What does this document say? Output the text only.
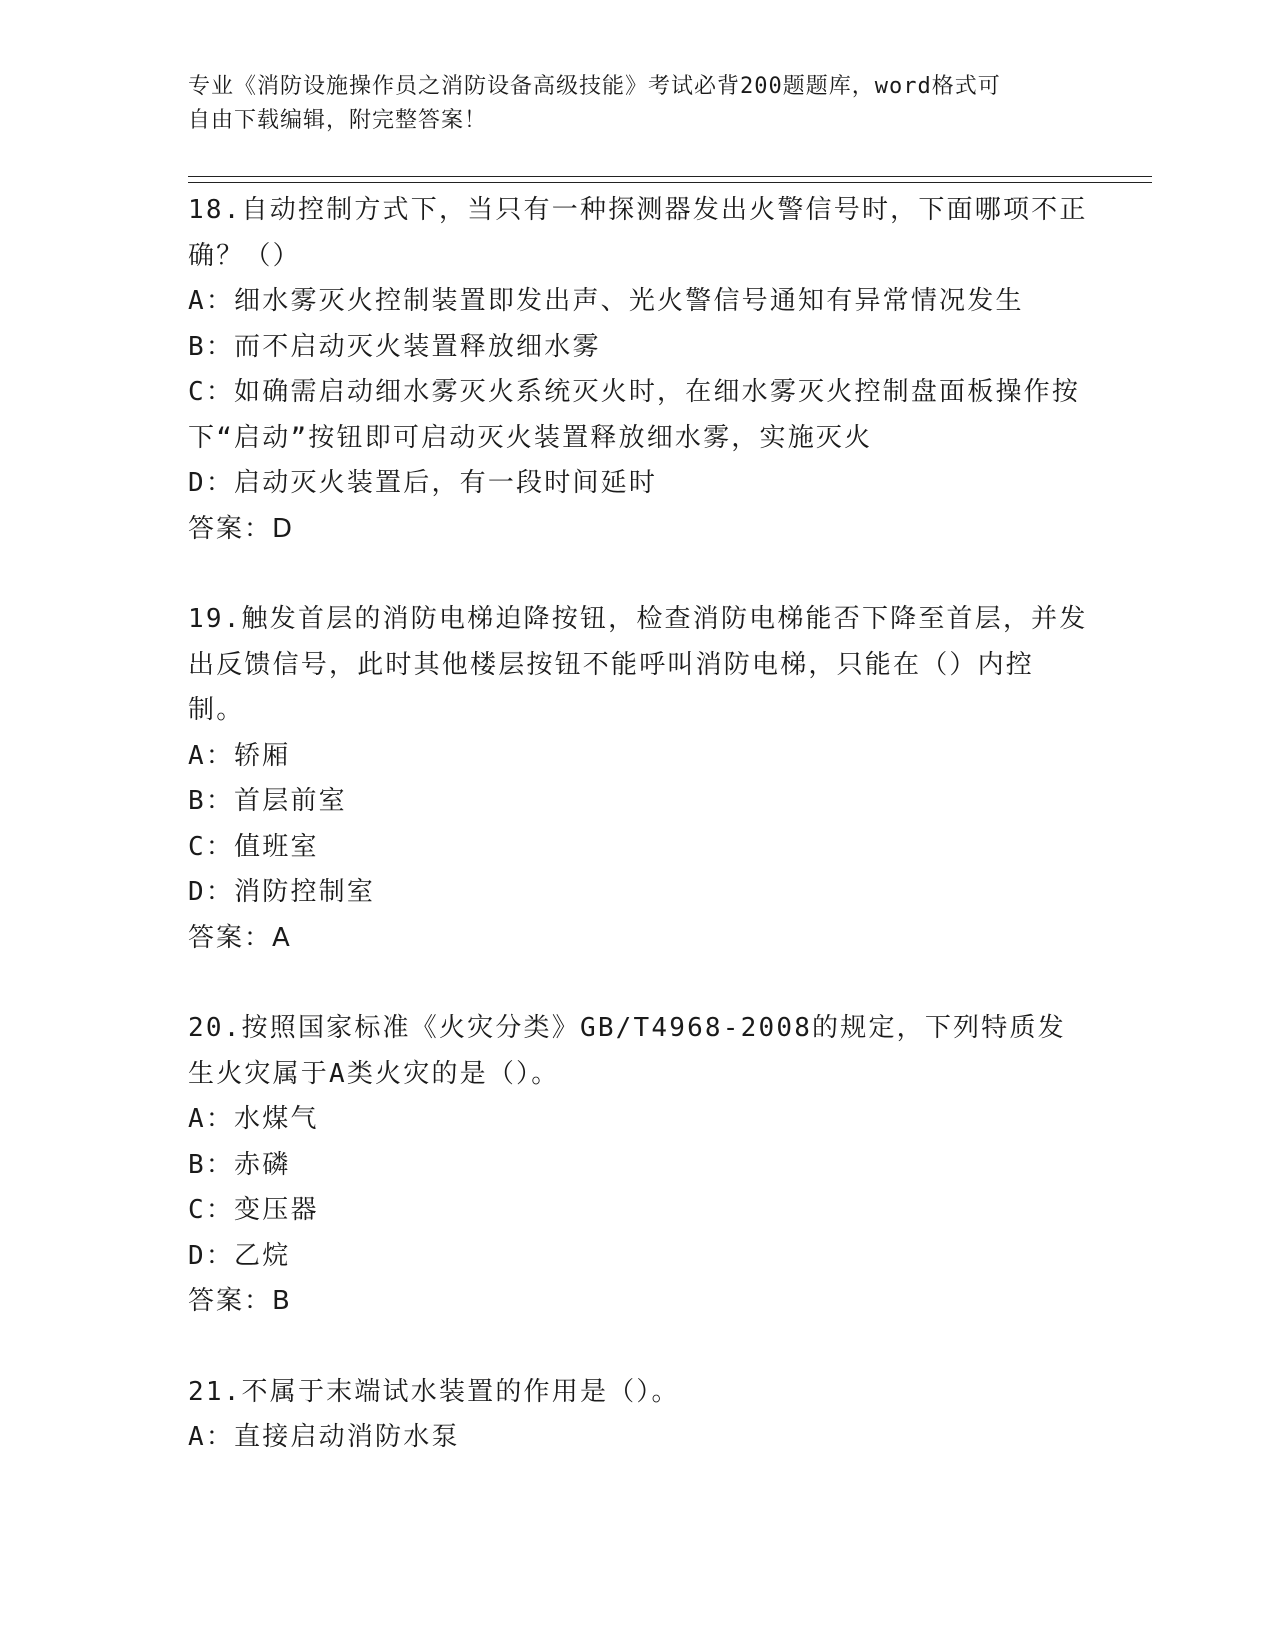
专业《消防设施操作员之消防设备高级技能》考试必背200题题库，word格式可
自由下载编辑，附完整答案！

18.自动控制方式下，当只有一种探测器发出火警信号时，下面哪项不正确？（）

A：细水雾灭火控制装置即发出声、光火警信号通知有异常情况发生

B：而不启动灭火装置释放细水雾

C：如确需启动细水雾灭火系统灭火时，在细水雾灭火控制盘面板操作按下“启动”按钮即可启动灭火装置释放细水雾，实施灭火

D：启动灭火装置后，有一段时间延时

答案：D

19.触发首层的消防电梯迫降按钮，检查消防电梯能否下降至首层，并发出反馈信号，此时其他楼层按钮不能呼叫消防电梯，只能在（）内控制。

A：轿厢

B：首层前室

C：值班室

D：消防控制室

答案：A

20.按照国家标准《火灾分类》GB/T4968-2008的规定，下列特质发生火灾属于A类火灾的是（）。

A：水煤气

B：赤磷

C：变压器

D：乙烷

答案：B

21.不属于末端试水装置的作用是（）。

A：直接启动消防水泵
